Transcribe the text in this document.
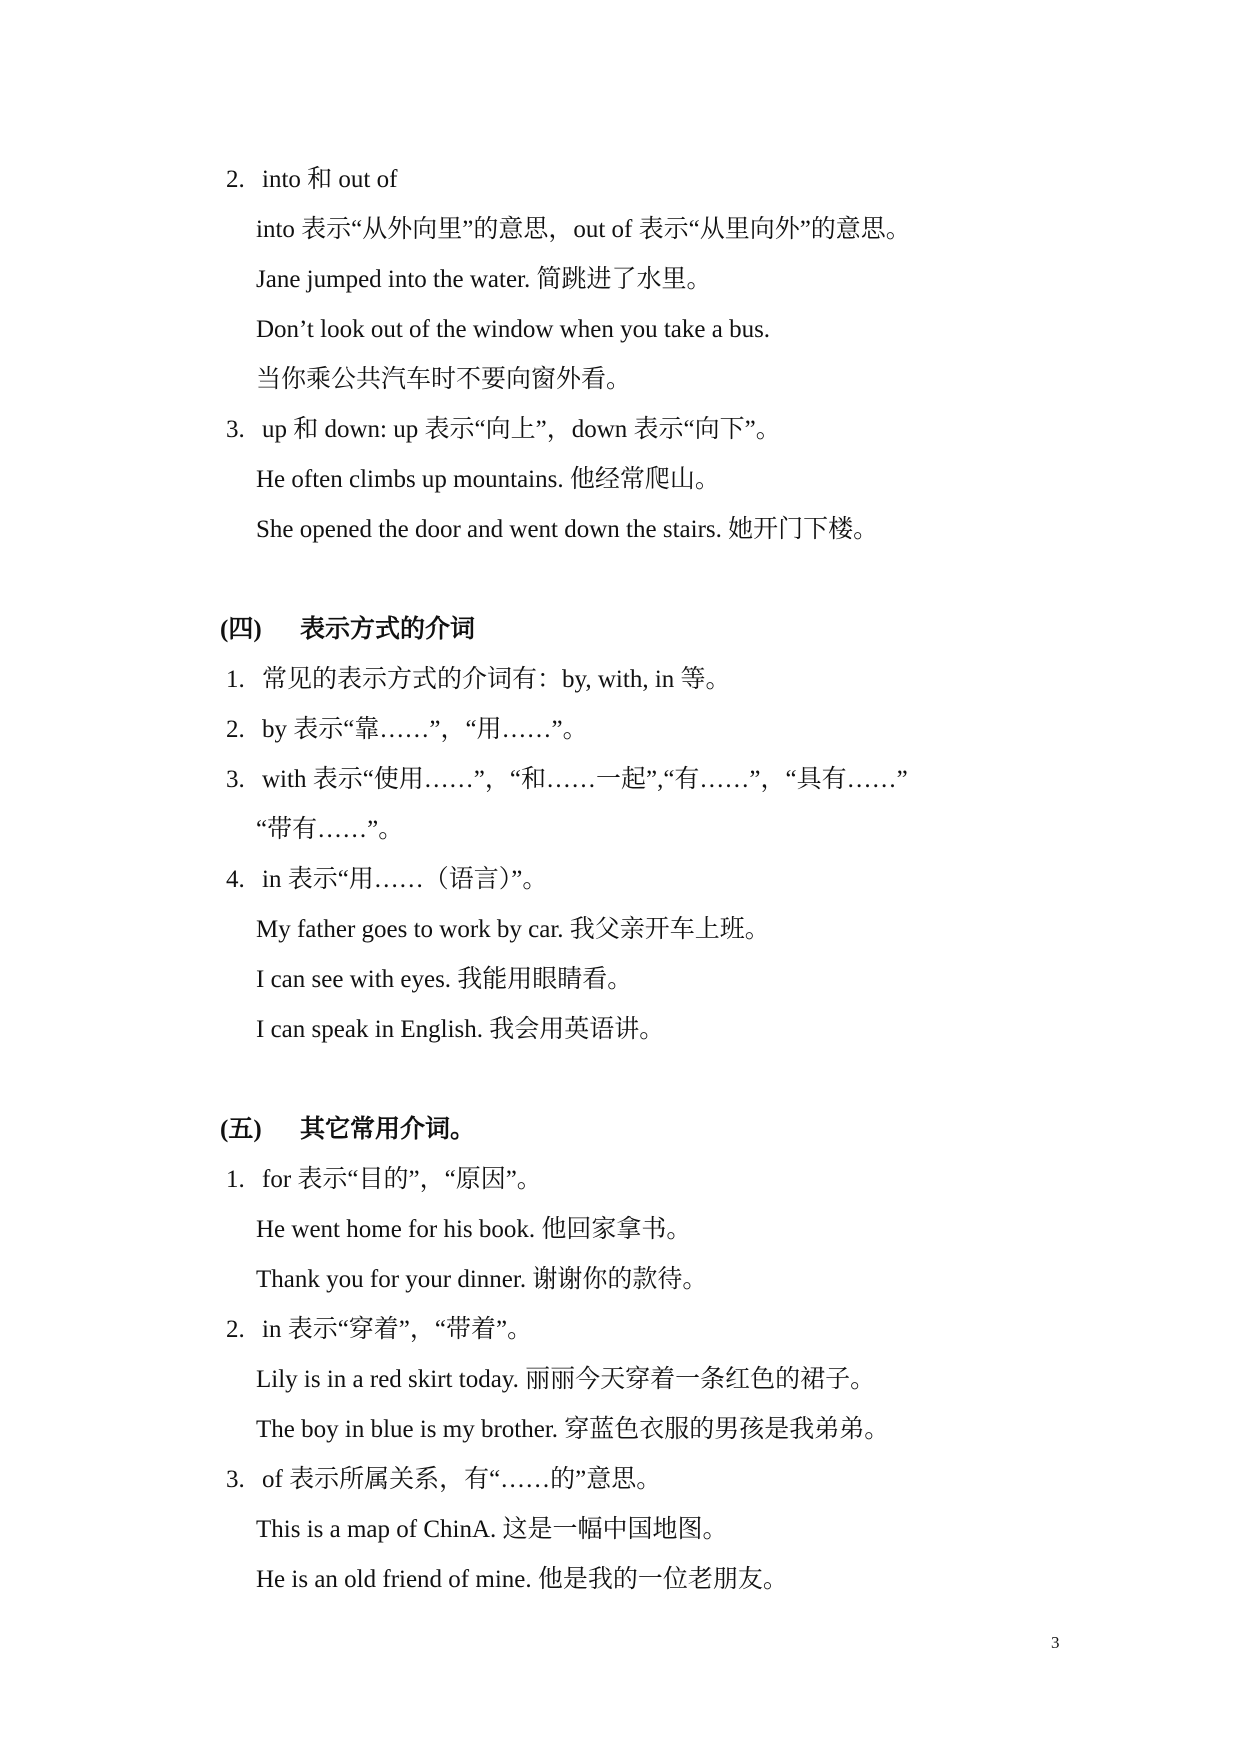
2. into 和 out of
into 表示“从外向里”的意思，out of 表示“从里向外”的意思。
Jane jumped into the water. 简跳进了水里。
Don’t look out of the window when you take a bus.
当你乘公共汽车时不要向窗外看。
3. up 和 down: up 表示“向上”，down 表示“向下”。
He often climbs up mountains. 他经常爬山。
She opened the door and went down the stairs. 她开门下楼。
(四) 表示方式的介词
1. 常见的表示方式的介词有：by, with, in 等。
2. by 表示“靠……”，“用……”。
3. with 表示“使用……”，“和……一起”,“有……”，“具有……”
“带有……”。
4. in 表示“用……（语言）”。
My father goes to work by car. 我父亲开车上班。
I can see with eyes. 我能用眼睛看。
I can speak in English. 我会用英语讲。
(五) 其它常用介词。
1. for 表示“目的”，“原因”。
He went home for his book. 他回家拿书。
Thank you for your dinner. 谢谢你的款待。
2. in 表示“穿着”，“带着”。
Lily is in a red skirt today. 丽丽今天穿着一条红色的裙子。
The boy in blue is my brother. 穿蓝色衣服的男孩是我弟弟。
3. of 表示所属关系，有“……的”意思。
This is a map of ChinA. 这是一幅中国地图。
He is an old friend of mine. 他是我的一位老朋友。
3
